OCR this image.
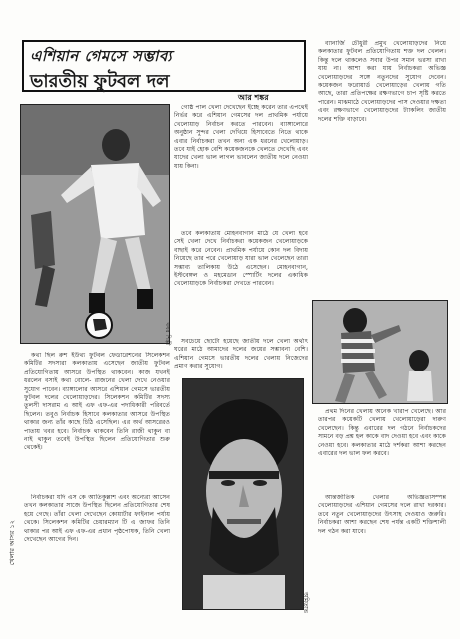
এশিয়ান গেমসে সম্ভাব্য
ভারতীয় ফুটবল দল
আর শঙ্কর
খবর শিল্পী

কথা ছিল রুশ ইউথ্য ফুটবল ফেডারেশনের সিলেকশন কমিটির সদস্যরা কলকাতায় এসেছেন জাতীয় ফুটবল প্রতিযোগিতায় আসরে উপস্থিত থাকবেন। কাজ যখনই ধরলেন বসাই কথা বোলে- রাজনের খেলা দেখে নেওয়ার সুযোগ পাবেন। ব্যাঙ্গালোর আসরে এশিয়ান গেমসে ভারতীয় ফুটবল দলের খেলোয়াড়দের। সিলেকশন কমিটির সদস্য তুলসী দাসরাম এ আই এফ এফ-এর পদাধিকারী পরিবর্তে ছিলেন। তবুও নির্বাচক হিসাবে কলকাতার আসরে উপস্থিত থাকার জন্য তাঁর কাছে চিঠি এসেছিল। এর অর্থ আসরেরও পাতায় খবর হবে। নির্বাচক থাকবেন তিনি রাজী থাকুন বা নাই থাকুন তবেই উপস্থিত ছিলেন প্রতিযোগিতার শুরু থেকেই।

নির্বাচকরা যদি এস কে আতিকুল্লাশ এবং অন্যেরা আসেন তখন কলকাতার সাজে উপস্থিত ছিলেন প্রতিযোগিতার শেষ হয়ে গেছে। তাঁরা খেলা দেখেছেন কোয়ার্টার ফাইনাল পর্যায় থেকে। সিলেকশন কমিটির চেয়ারম্যান টি এ জাফর তিনি থাকার পর আই এফ এফ-এর প্রধান পৃষ্ঠপোষক, তিনি খেলা দেখেছেন আগের দিন।

খেলার আসর ১২

গোষ্ঠ পাল খেলা দেখেছেন ইচ্ছে করেন তার এপথেই নির্ভর করে এশিয়ান গেমসের দল প্রাথমিক পর্যায়ে খেলোয়াড় নির্বাচন করতে পারবেন। ব্যাঙ্গালোরে অনুষ্ঠান সুন্দর খেলা দেখিয়ে হিসাবেতে নিতে থাকে এবার নির্বাচকরা তখন অন্য এক ধরনের খেলোয়াড়। তবে যাই হোক বেশি কয়েকজনকে খেলতে দেখেছি এবং যাদের খেলা ভাল লাগল ভাবলেন জাতীয় দলে নেওয়া যায় কিনা।

তবে কলকাতায় মোহনবাগান মাঠে যে খেলা হবে সেই খেলা দেখে নির্বাচকরা কয়েকজন খেলোয়াড়কে বাছাই করে নেবেন। প্রাথমিক পর্যায়ে কোন দল বিদায় নিয়েছে তার পরে খেলোয়াড় যারা ভাল খেলেছেন তারা সম্ভাব্য তালিকায় উঠে এসেছেন। মোহনবাগান, ইস্টবেঙ্গল ও মহমেডান স্পোর্টিং দলের একাধিক খেলোয়াড়কে নির্বাচকরা দেখতে পারবেন।

সবচেয়ে ছোটো হয়েছে জাতীয় দলে খেলা অর্থাৎ ঘরের মাঠে আমাদের দলের জয়ের সম্ভাবনা বেশি। এশিয়ান গেমসে ভারতীয় দলের খেলায় নিজেদের প্রমাণ করার সুযোগ।

অমিতাভ

ব্যানার্জি চৌধুরী প্রমুখ খেলোয়াড়দের নিয়ে কলকাতার ফুটবল প্রতিযোগিতায় শক্ত দল খেলল। কিন্তু দলে থাকলেও সবার উপর সমান ভরসা রাখা যায় না। আশা করা যায় নির্বাচকরা অভিজ্ঞ খেলোয়াড়দের সঙ্গে নতুনদের সুযোগ দেবেন। কয়েকজন ফরোয়ার্ড খেলোয়াড়ের খেলায় গতি আছে, তারা প্রতিপক্ষের রক্ষণভাগে চাপ সৃষ্টি করতে পারেন। মাঝমাঠে খেলোয়াড়দের পাস দেওয়ার দক্ষতা এবং রক্ষণভাগে খেলোয়াড়দের ট্যাকলিং জাতীয় দলের শক্তি বাড়াবে।

প্রথম দিনের খেলায় অনেক খারাপ খেলেছে। আর তারপর কয়েকটি খেলায় খেলোয়াড়েরা দারুণ খেলেছেন। কিন্তু এবারের দল গঠনে নির্বাচকদের সামনে বড় প্রশ্ন হল কাকে বাদ দেওয়া হবে এবং কাকে নেওয়া হবে। কলকাতার মাঠে দর্শকরা আশা করছেন এবারের দল ভাল ফল করবে।

আন্তর্জাতিক খেলার অভিজ্ঞতাসম্পন্ন খেলোয়াড়দের এশিয়ান গেমসের দলে রাখা দরকার। তবে নতুন খেলোয়াড়দের উৎসাহ দেওয়াও জরুরি। নির্বাচকরা আশা করছেন শেষ পর্যন্ত একটি শক্তিশালী দল গঠন করা যাবে।
